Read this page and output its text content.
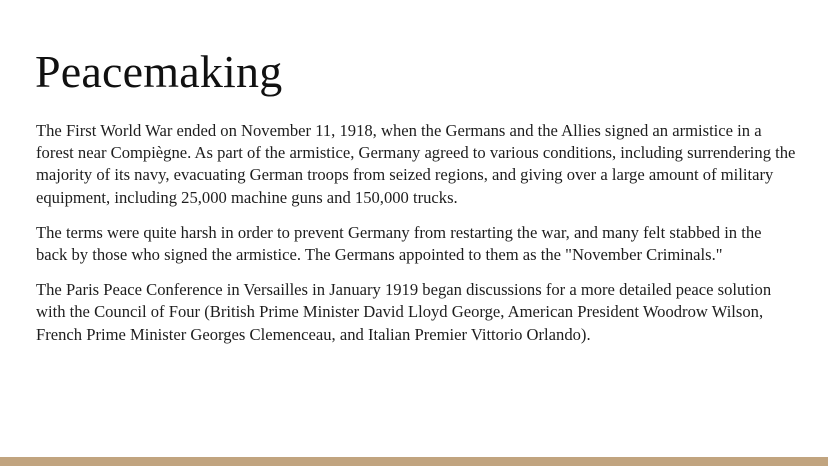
Peacemaking

The First World War ended on November 11, 1918, when the Germans and the Allies signed an armistice in a forest near Compiègne. As part of the armistice, Germany agreed to various conditions, including surrendering the majority of its navy, evacuating German troops from seized regions, and giving over a large amount of military equipment, including 25,000 machine guns and 150,000 trucks.

The terms were quite harsh in order to prevent Germany from restarting the war, and many felt stabbed in the back by those who signed the armistice. The Germans appointed to them as the "November Criminals."

The Paris Peace Conference in Versailles in January 1919 began discussions for a more detailed peace solution with the Council of Four (British Prime Minister David Lloyd George, American President Woodrow Wilson, French Prime Minister Georges Clemenceau, and Italian Premier Vittorio Orlando).
